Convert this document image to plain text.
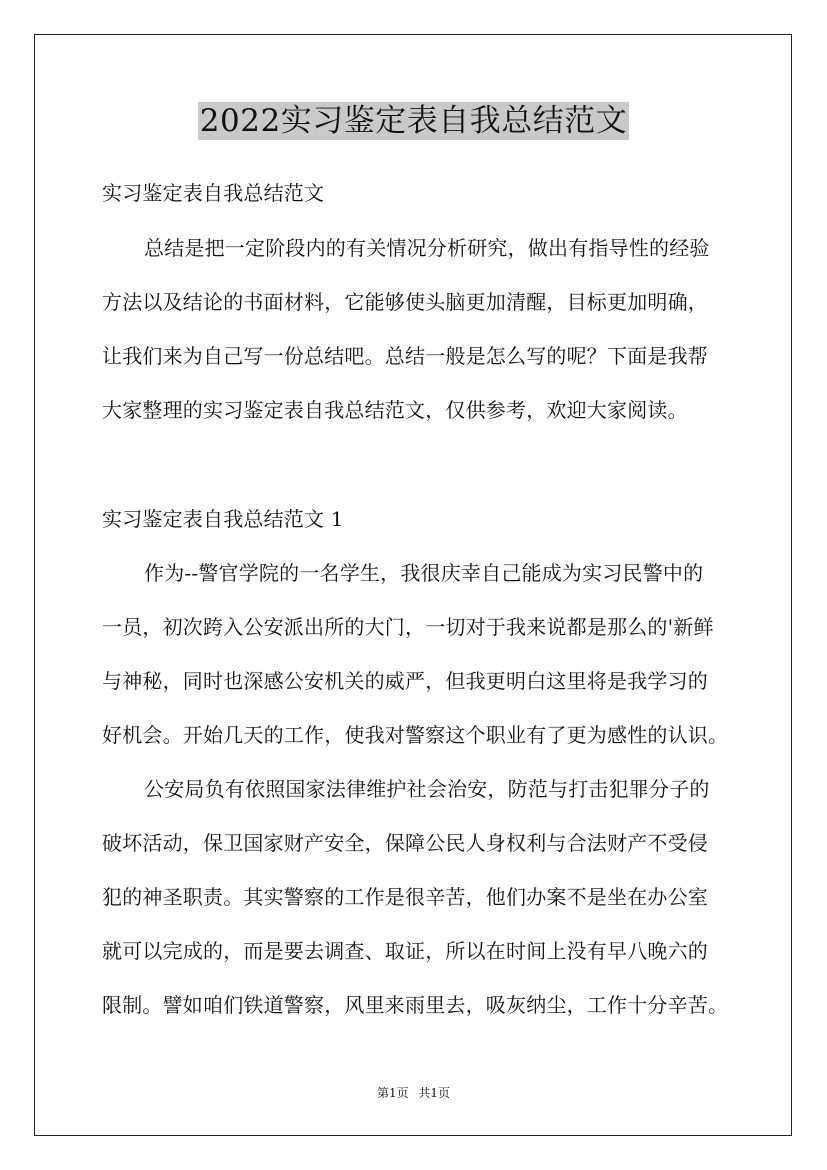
2022实习鉴定表自我总结范文
实习鉴定表自我总结范文
总结是把一定阶段内的有关情况分析研究，做出有指导性的经验
方法以及结论的书面材料，它能够使头脑更加清醒，目标更加明确，
让我们来为自己写一份总结吧。总结一般是怎么写的呢？下面是我帮
大家整理的实习鉴定表自我总结范文，仅供参考，欢迎大家阅读。
实习鉴定表自我总结范文 1
作为--警官学院的一名学生，我很庆幸自己能成为实习民警中的
一员，初次跨入公安派出所的大门，一切对于我来说都是那么的'新鲜
与神秘，同时也深感公安机关的威严，但我更明白这里将是我学习的
好机会。开始几天的工作，使我对警察这个职业有了更为感性的认识。
公安局负有依照国家法律维护社会治安，防范与打击犯罪分子的
破坏活动，保卫国家财产安全，保障公民人身权利与合法财产不受侵
犯的神圣职责。其实警察的工作是很辛苦，他们办案不是坐在办公室
就可以完成的，而是要去调查、取证，所以在时间上没有早八晚六的
限制。譬如咱们铁道警察，风里来雨里去，吸灰纳尘，工作十分辛苦。
第1页 共1页
